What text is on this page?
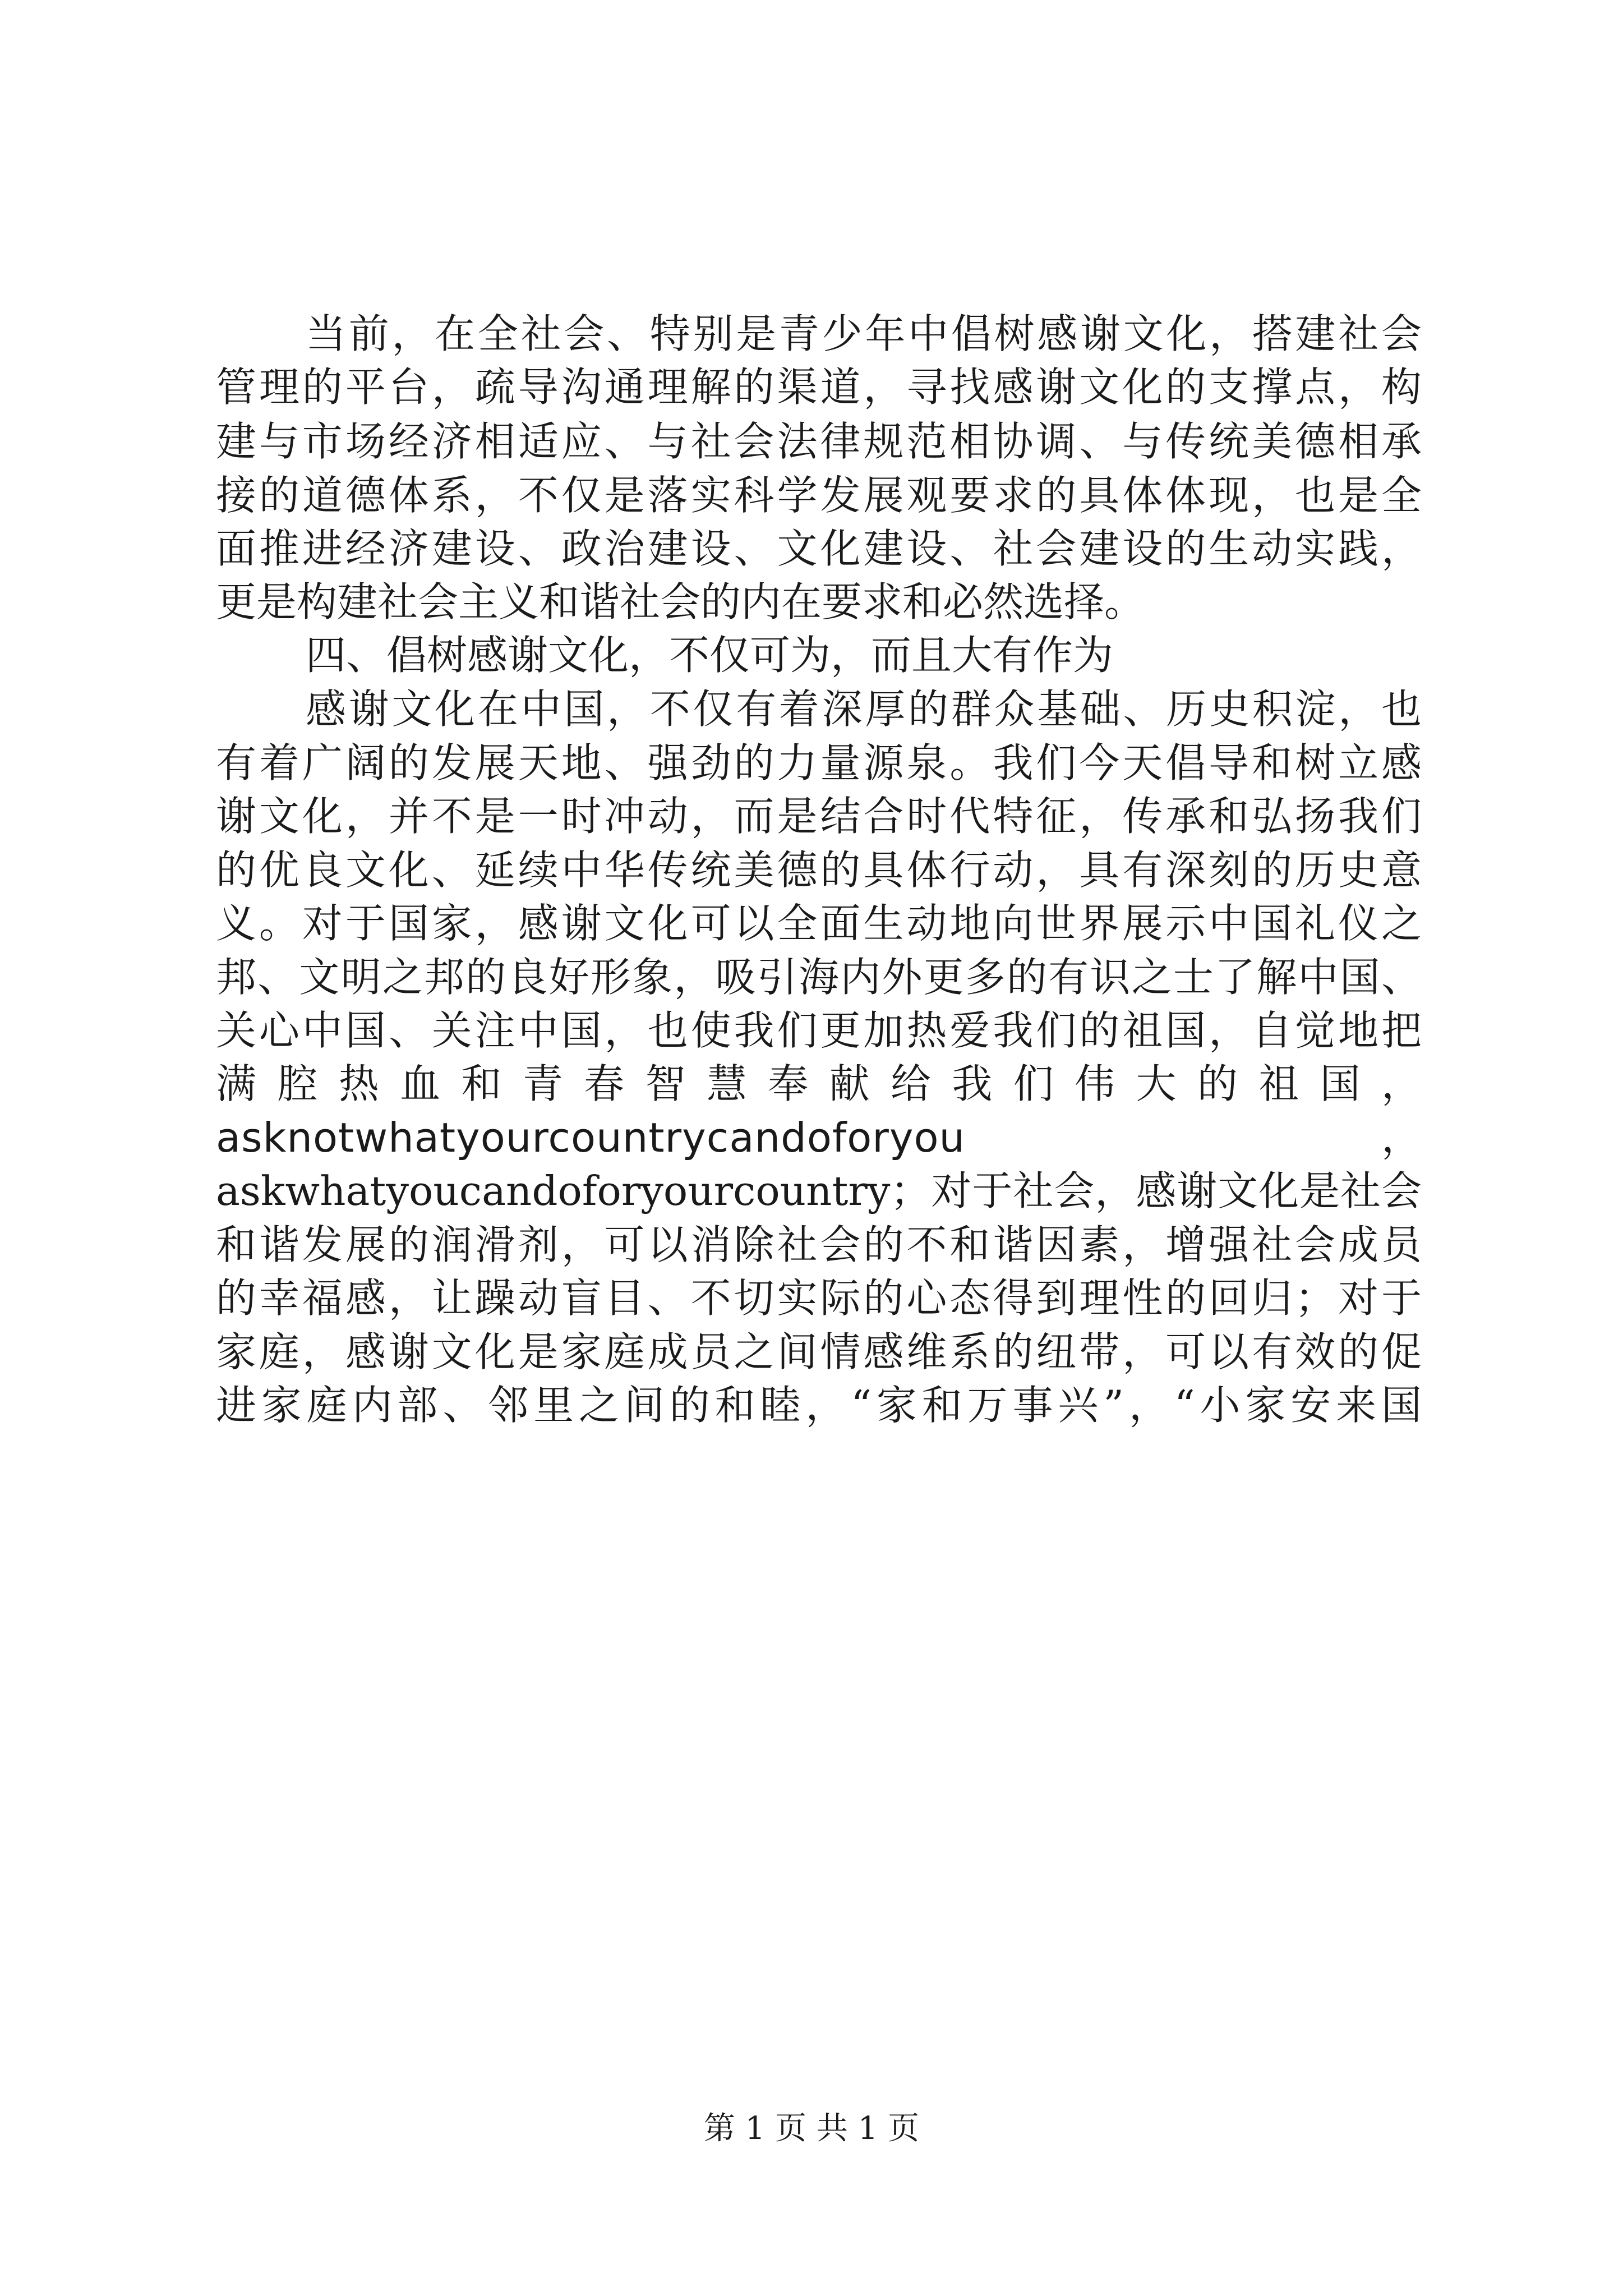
当前，在全社会、特别是青少年中倡树感谢文化，搭建社会
管理的平台，疏导沟通理解的渠道，寻找感谢文化的支撑点，构
建与市场经济相适应、与社会法律规范相协调、与传统美德相承
接的道德体系，不仅是落实科学发展观要求的具体体现，也是全
面推进经济建设、政治建设、文化建设、社会建设的生动实践，
更是构建社会主义和谐社会的内在要求和必然选择。
四、倡树感谢文化，不仅可为，而且大有作为
感谢文化在中国，不仅有着深厚的群众基础、历史积淀，也
有着广阔的发展天地、强劲的力量源泉。我们今天倡导和树立感
谢文化，并不是一时冲动，而是结合时代特征，传承和弘扬我们
的优良文化、延续中华传统美德的具体行动，具有深刻的历史意
义。对于国家，感谢文化可以全面生动地向世界展示中国礼仪之
邦、文明之邦的良好形象，吸引海内外更多的有识之士了解中国、
关心中国、关注中国，也使我们更加热爱我们的祖国，自觉地把
满腔热血和青春智慧奉献给我们伟大的祖国，
asknotwhatyourcountrycandoforyou	，
askwhatyoucandoforyourcountry；对于社会，感谢文化是社会
和谐发展的润滑剂，可以消除社会的不和谐因素，增强社会成员
的幸福感，让躁动盲目、不切实际的心态得到理性的回归；对于
家庭，感谢文化是家庭成员之间情感维系的纽带，可以有效的促
进家庭内部、邻里之间的和睦，“家和万事兴”，“小家安来国
第 1 页 共 1 页
